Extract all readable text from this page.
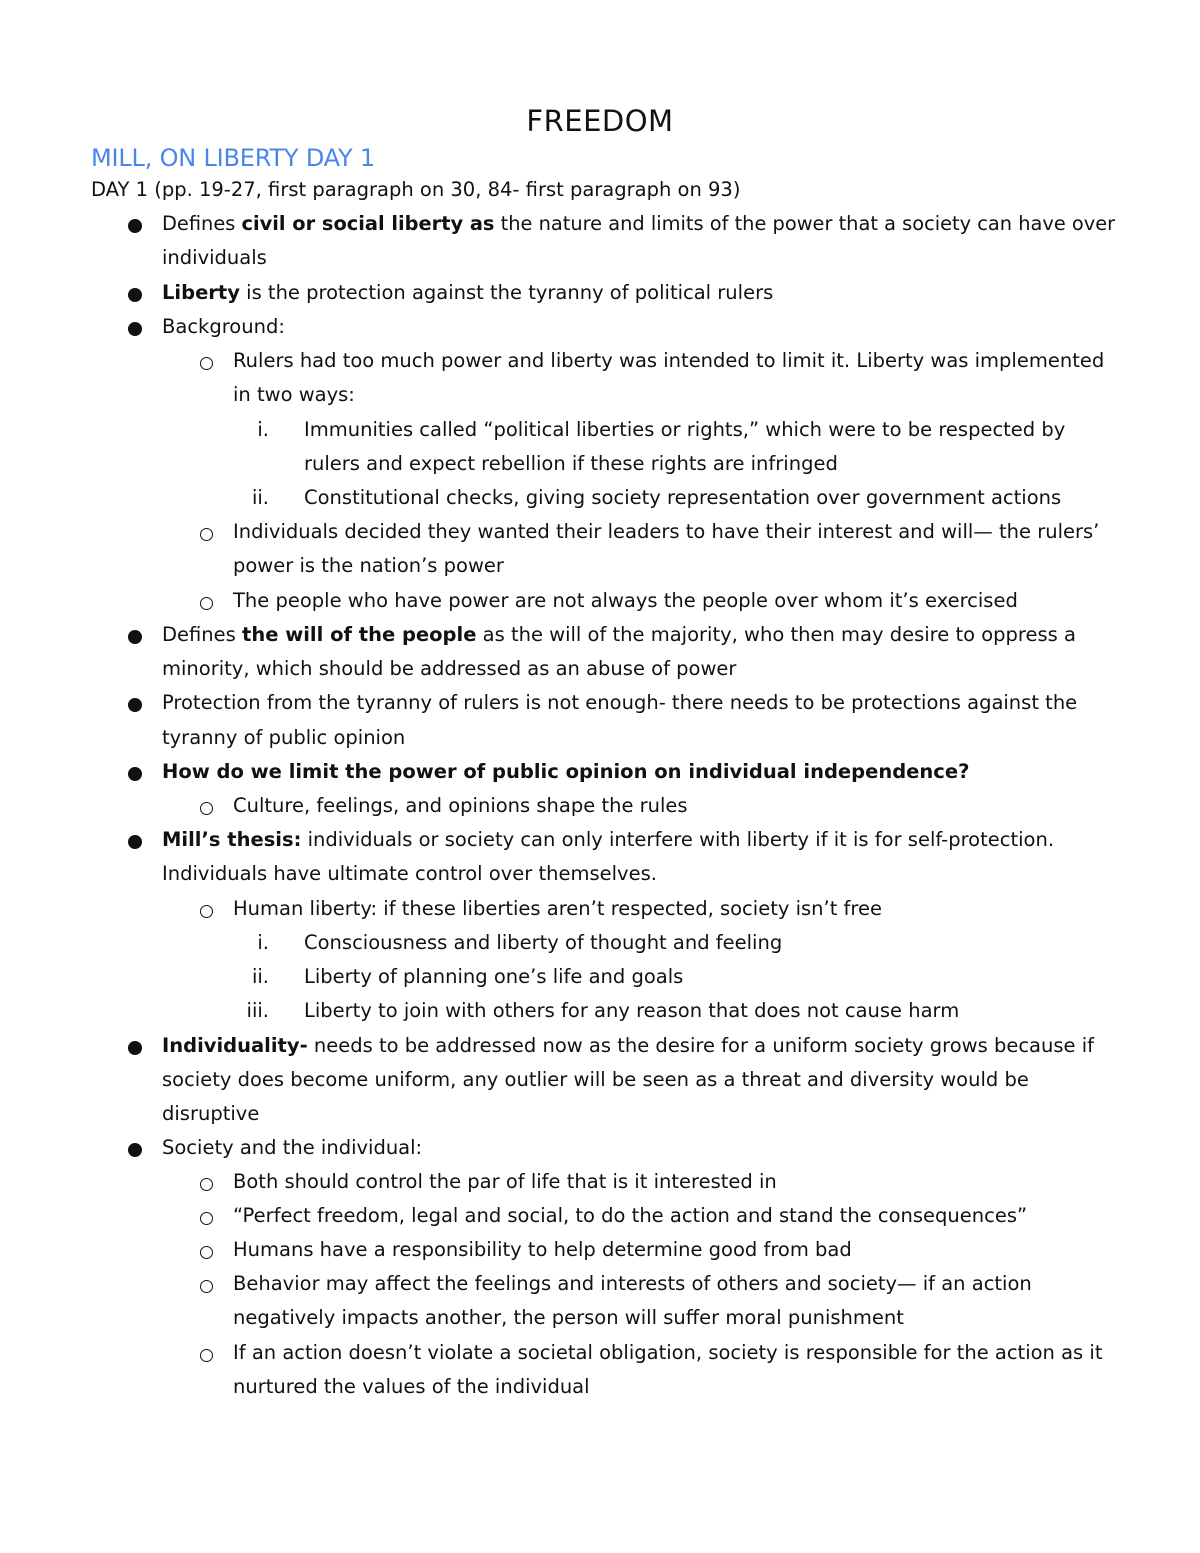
FREEDOM
MILL, ON LIBERTY DAY 1
DAY 1 (pp. 19-27, first paragraph on 30, 84- first paragraph on 93)
Defines civil or social liberty as the nature and limits of the power that a society can have over
individuals
Liberty is the protection against the tyranny of political rulers
Background:
Rulers had too much power and liberty was intended to limit it. Liberty was implemented
in two ways:
i. Immunities called “political liberties or rights,” which were to be respected by
rulers and expect rebellion if these rights are infringed
ii. Constitutional checks, giving society representation over government actions
Individuals decided they wanted their leaders to have their interest and will— the rulers’
power is the nation’s power
The people who have power are not always the people over whom it’s exercised
Defines the will of the people as the will of the majority, who then may desire to oppress a
minority, which should be addressed as an abuse of power
Protection from the tyranny of rulers is not enough- there needs to be protections against the
tyranny of public opinion
How do we limit the power of public opinion on individual independence?
Culture, feelings, and opinions shape the rules
Mill’s thesis: individuals or society can only interfere with liberty if it is for self-protection.
Individuals have ultimate control over themselves.
Human liberty: if these liberties aren’t respected, society isn’t free
i. Consciousness and liberty of thought and feeling
ii. Liberty of planning one’s life and goals
iii. Liberty to join with others for any reason that does not cause harm
Individuality- needs to be addressed now as the desire for a uniform society grows because if
society does become uniform, any outlier will be seen as a threat and diversity would be
disruptive
Society and the individual:
Both should control the par of life that is it interested in
“Perfect freedom, legal and social, to do the action and stand the consequences”
Humans have a responsibility to help determine good from bad
Behavior may affect the feelings and interests of others and society— if an action
negatively impacts another, the person will suffer moral punishment
If an action doesn’t violate a societal obligation, society is responsible for the action as it
nurtured the values of the individual
